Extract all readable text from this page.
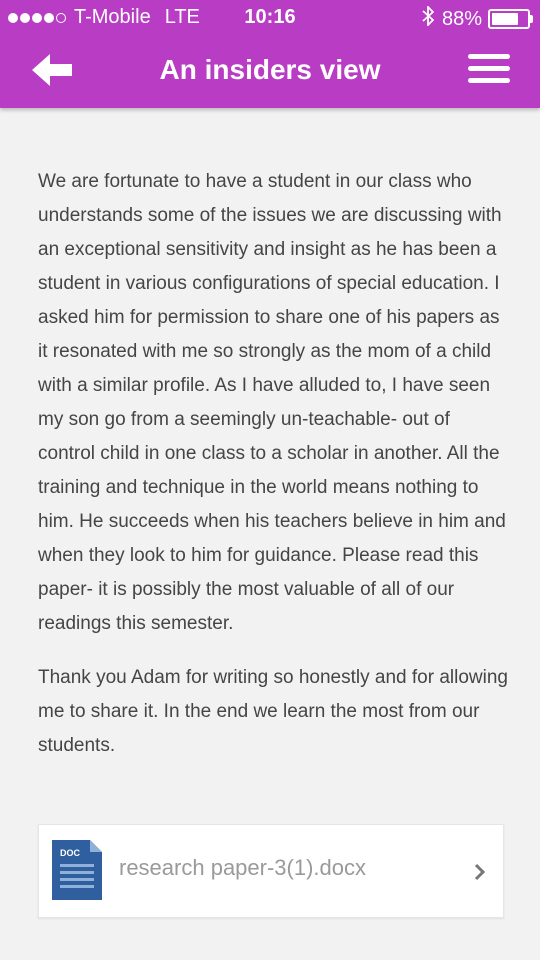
T-Mobile LTE	10:16	88%
An insiders view

We are fortunate to have a student in our class who understands some of the issues we are discussing with an exceptional sensitivity and insight as he has been a student in various configurations of special education. I asked him for permission to share one of his papers as it resonated with me so strongly as the mom of a child with a similar profile. As I have alluded to, I have seen my son go from a seemingly un-teachable- out of control child in one class to a scholar in another. All the training and technique in the world means nothing to him. He succeeds when his teachers believe in him and when they look to him for guidance. Please read this paper- it is possibly the most valuable of all of our readings this semester.

Thank you Adam for writing so honestly and for allowing me to share it. In the end we learn the most from our students.

DOC
research paper-3(1).docx
